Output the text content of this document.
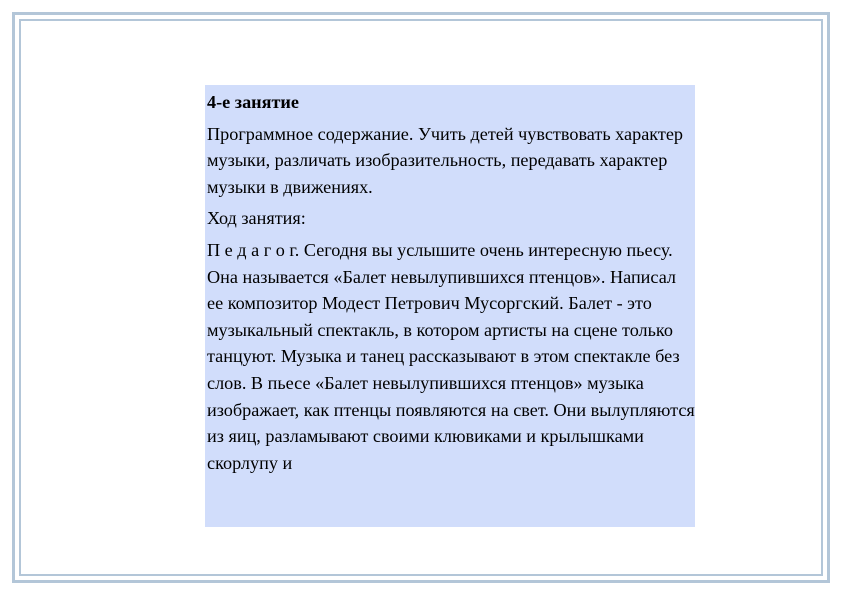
4-е занятие

Программное содержание. Учить детей чувствовать характер музыки, различать изобразительность, передавать характер музыки в движениях.

Ход занятия:

П е д а г о г. Сегодня вы услышите очень интересную пьесу. Она называется «Балет невылупившихся птенцов». Написал ее композитор Модест Петрович Мусоргский. Балет - это музыкальный спектакль, в котором артисты на сцене только танцуют. Музыка и танец рассказывают в этом спектакле без слов. В пьесе «Балет невылупившихся птенцов» музыка изображает, как птенцы появляются на свет. Они вылупляются из яиц, разламывают своими клювиками и крылышками скорлупу и
